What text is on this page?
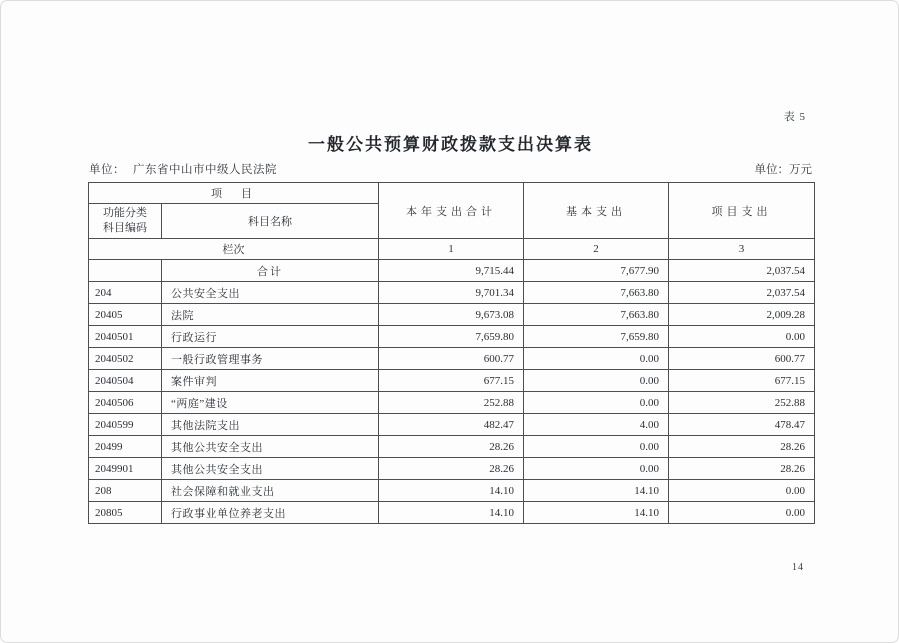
表 5
一般公共预算财政拨款支出决算表
单位： 广东省中山市中级人民法院	单位：万元
项　目		本年支出合计	基本支出	项目支出

功能分类
科目编码	科目名称			
栏次		1	2	3
	合计	9,715.44	7,677.90	2,037.54
204	公共安全支出	9,701.34	7,663.80	2,037.54
20405	法院	9,673.08	7,663.80	2,009.28
2040501	行政运行	7,659.80	7,659.80	0.00
2040502	一般行政管理事务	600.77	0.00	600.77
2040504	案件审判	677.15	0.00	677.15
2040506	“两庭”建设	252.88	0.00	252.88
2040599	其他法院支出	482.47	4.00	478.47
20499	其他公共安全支出	28.26	0.00	28.26
2049901	其他公共安全支出	28.26	0.00	28.26
208	社会保障和就业支出	14.10	14.10	0.00
20805	行政事业单位养老支出	14.10	14.10	0.00
14
